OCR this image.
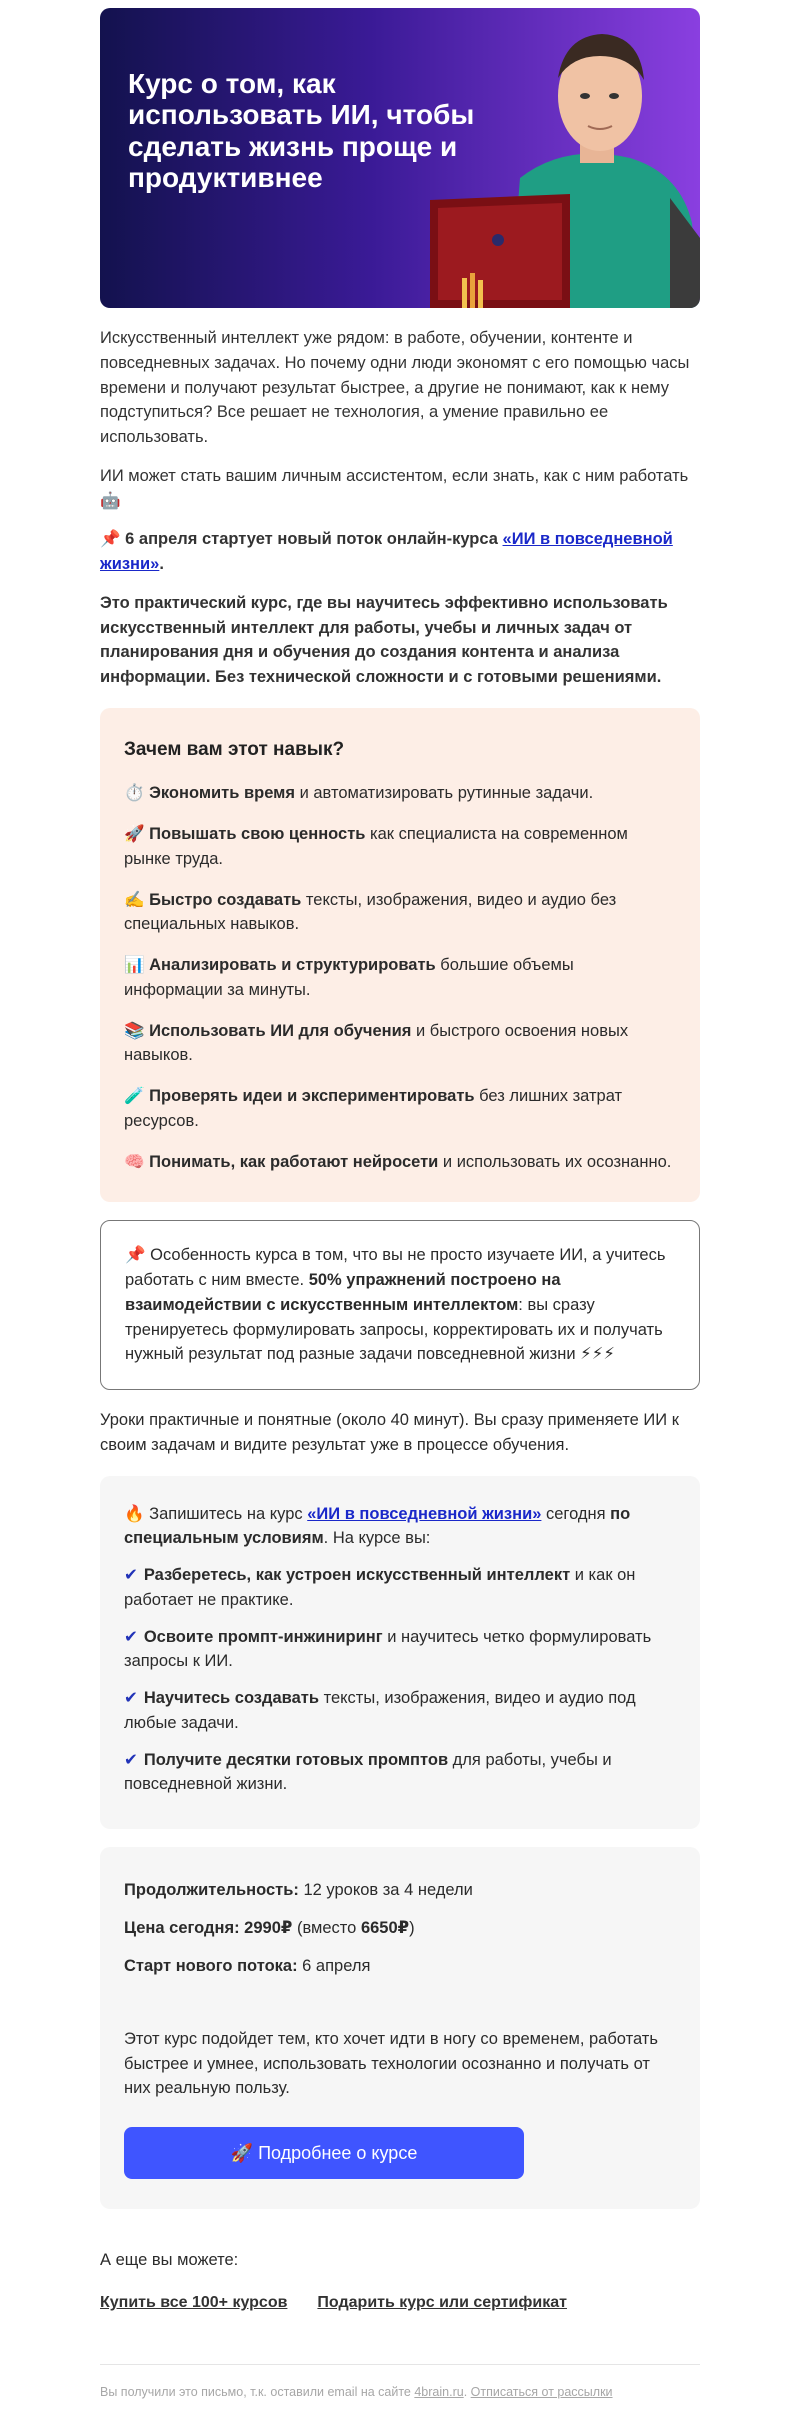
Курс о том, как использовать ИИ, чтобы сделать жизнь проще и продуктивнее

Искусственный интеллект уже рядом: в работе, обучении, контенте и повседневных задачах. Но почему одни люди экономят с его помощью часы времени и получают результат быстрее, а другие не понимают, как к нему подступиться? Все решает не технология, а умение правильно ее использовать.

ИИ может стать вашим личным ассистентом, если знать, как с ним работать 🤖

📌 6 апреля стартует новый поток онлайн-курса «ИИ в повседневной жизни».

Это практический курс, где вы научитесь эффективно использовать искусственный интеллект для работы, учебы и личных задач от планирования дня и обучения до создания контента и анализа информации. Без технической сложности и с готовыми решениями.

Зачем вам этот навык?
⏱️ Экономить время и автоматизировать рутинные задачи.
🚀 Повышать свою ценность как специалиста на современном рынке труда.
✍️ Быстро создавать тексты, изображения, видео и аудио без специальных навыков.
📊 Анализировать и структурировать большие объемы информации за минуты.
📚 Использовать ИИ для обучения и быстрого освоения новых навыков.
🧪 Проверять идеи и экспериментировать без лишних затрат ресурсов.
🧠 Понимать, как работают нейросети и использовать их осознанно.

📌 Особенность курса в том, что вы не просто изучаете ИИ, а учитесь работать с ним вместе. 50% упражнений построено на взаимодействии с искусственным интеллектом: вы сразу тренируетесь формулировать запросы, корректировать их и получать нужный результат под разные задачи повседневной жизни ⚡⚡⚡

Уроки практичные и понятные (около 40 минут). Вы сразу применяете ИИ к своим задачам и видите результат уже в процессе обучения.

🔥 Запишитесь на курс «ИИ в повседневной жизни» сегодня по специальным условиям. На курсе вы:

✔ Разберетесь, как устроен искусственный интеллект и как он работает не практике.
✔ Освоите промпт-инжиниринг и научитесь четко формулировать запросы к ИИ.
✔ Научитесь создавать тексты, изображения, видео и аудио под любые задачи.
✔ Получите десятки готовых промптов для работы, учебы и повседневной жизни.
Продолжительность: 12 уроков за 4 недели
Цена сегодня: 2990₽ (вместо 6650₽)
Старт нового потока: 6 апреля

Этот курс подойдет тем, кто хочет идти в ногу со временем, работать быстрее и умнее, использовать технологии осознанно и получать от них реальную пользу.

🚀 Подробнее о курсе
А еще вы можете:
Купить все 100+ курсов Подарить курс или сертификат
Вы получили это письмо, т.к. оставили email на сайте 4brain.ru. Отписаться от рассылки
